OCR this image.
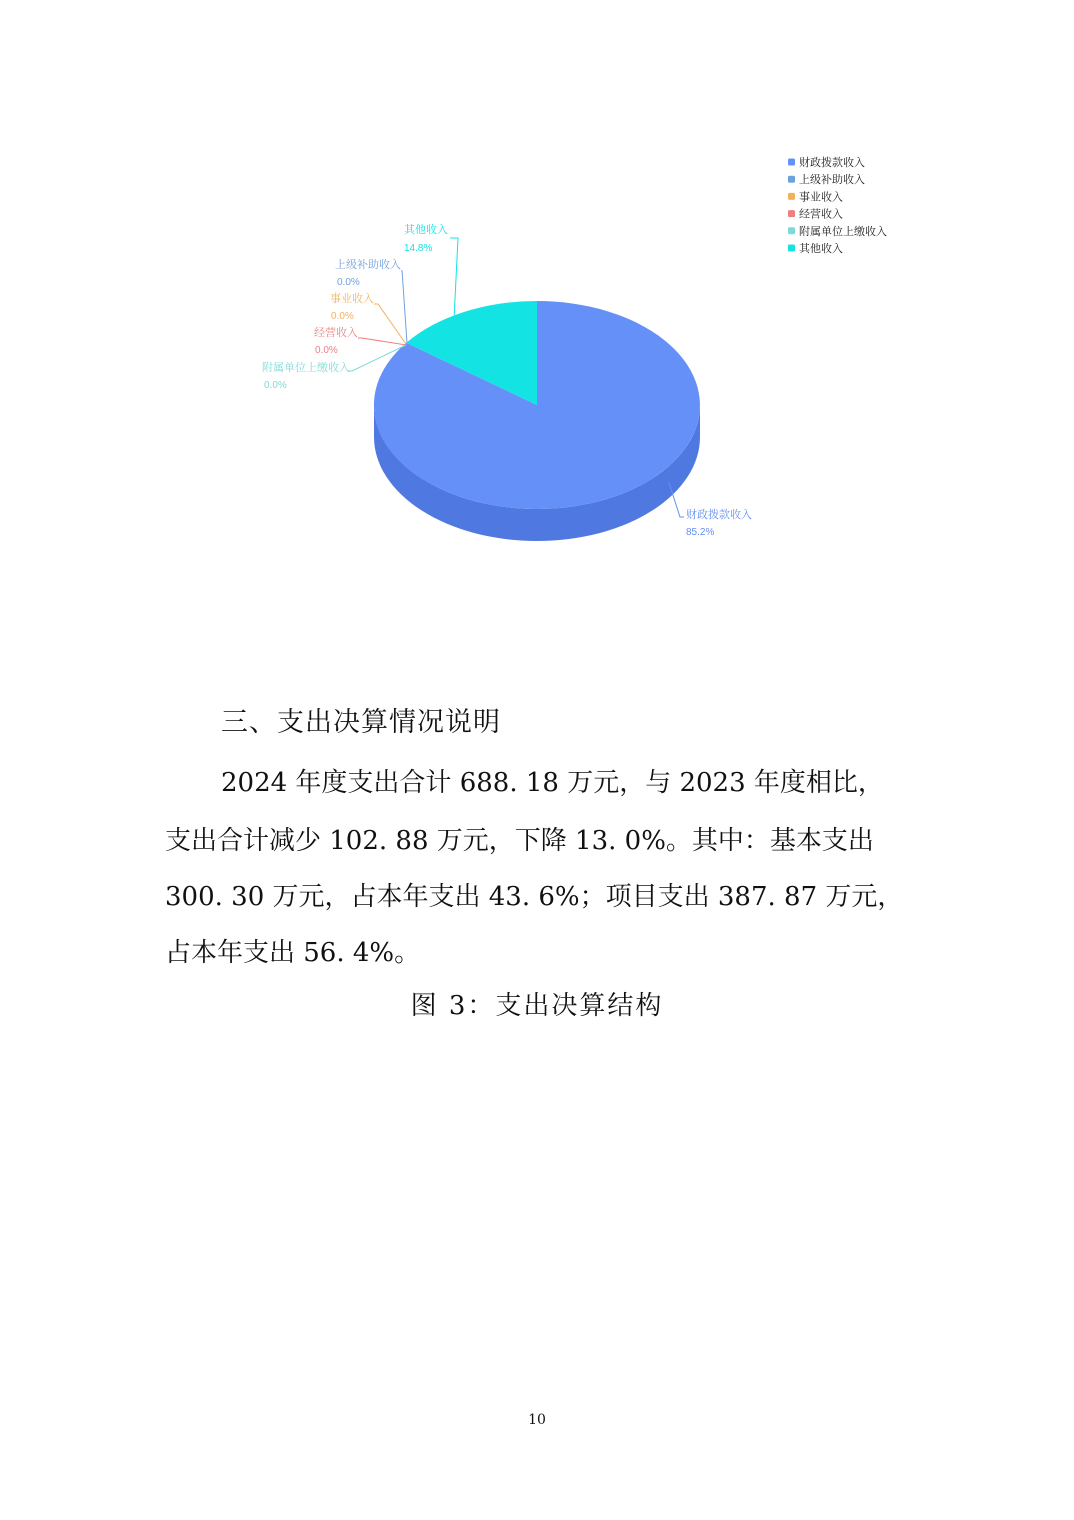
财政拨款收入
85.2%
其他收入
14.8%
上级补助收入
0.0%
事业收入
0.0%
经营收入
0.0%
附属单位上缴收入
0.0%
财政拨款收入
上级补助收入
事业收入
经营收入
附属单位上缴收入
其他收入
三、支出决算情况说明
2024 年度支出合计 688. 18 万元，与 2023 年度相比，
支出合计减少 102. 88 万元，下降 13. 0%。其中：基本支出
300. 30 万元，占本年支出 43. 6%；项目支出 387. 87 万元，
占本年支出 56. 4%。
图 3：支出决算结构
10
